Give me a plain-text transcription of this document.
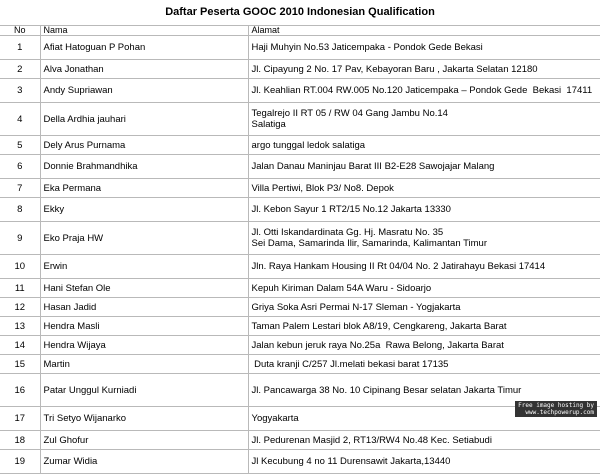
Daftar Peserta GOOC 2010 Indonesian Qualification
No	Nama	Alamat
1	Afiat Hatoguan P Pohan	Haji Muhyin No.53 Jaticempaka - Pondok Gede Bekasi

2	Alva Jonathan	Jl. Cipayung 2 No. 17 Pav, Kebayoran Baru , Jakarta Selatan 12180

3	Andy Supriawan	Jl. Keahlian RT.004 RW.005 No.120 Jaticempaka – Pondok Gede  Bekasi  17411

4	Della Ardhia jauhari	Tegalrejo II RT 05 / RW 04 Gang Jambu No.14
Salatiga

5	Dely Arus Purnama	argo tunggal ledok salatiga

6	Donnie Brahmandhika	Jalan Danau Maninjau Barat III B2-E28 Sawojajar Malang

7	Eka Permana	Villa Pertiwi, Blok P3/ No8. Depok

8	Ekky	Jl. Kebon Sayur 1 RT2/15 No.12 Jakarta 13330

9	Eko Praja HW	Jl. Otti Iskandardinata Gg. Hj. Masratu No. 35
Sei Dama, Samarinda Ilir, Samarinda, Kalimantan Timur

10	Erwin	Jln. Raya Hankam Housing II Rt 04/04 No. 2 Jatirahayu Bekasi 17414

11	Hani Stefan Ole	Kepuh Kiriman Dalam 54A Waru - Sidoarjo

12	Hasan Jadid	Griya Soka Asri Permai N-17 Sleman - Yogjakarta

13	Hendra Masli	Taman Palem Lestari blok A8/19, Cengkareng, Jakarta Barat

14	Hendra Wijaya	Jalan kebun jeruk raya No.25a  Rawa Belong, Jakarta Barat

15	Martin	Duta kranji C/257 Jl.melati bekasi barat 17135

16	Patar Unggul Kurniadi	Jl. Pancawarga 38 No. 10 Cipinang Besar selatan Jakarta Timur

17	Tri Setyo Wijanarko	Yogyakarta

18	Zul Ghofur	Jl. Pedurenan Masjid 2, RT13/RW4 No.48 Kec. Setiabudi

19	Zumar Widia	Jl Kecubung 4 no 11 Durensawit Jakarta,13440
Free image hosting by
www.techpowerup.com
